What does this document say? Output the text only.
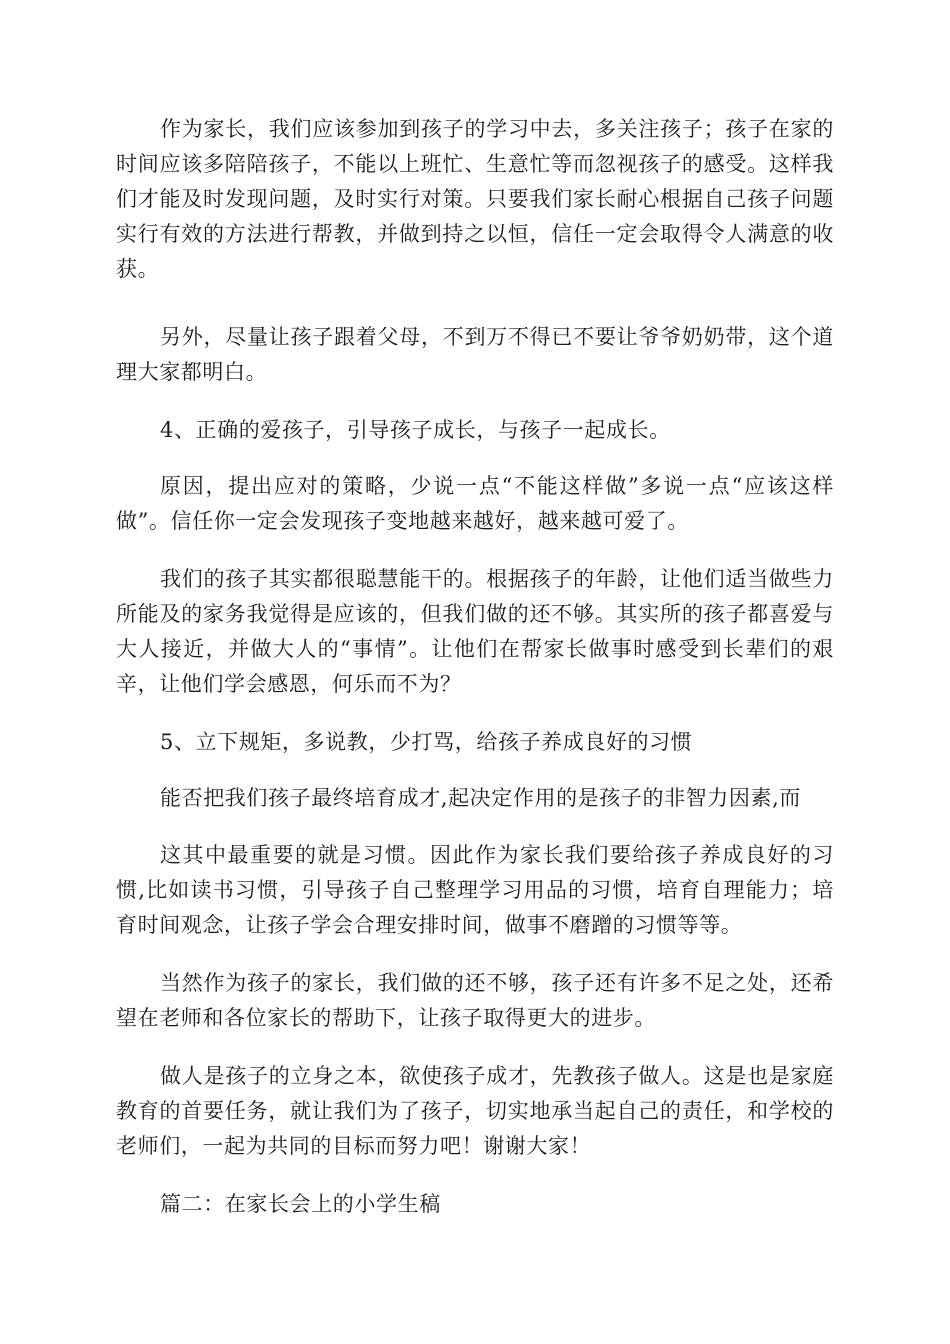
作为家长，我们应该参加到孩子的学习中去，多关注孩子；孩子在家的时间应该多陪陪孩子，不能以上班忙、生意忙等而忽视孩子的感受。这样我们才能及时发现问题，及时实行对策。只要我们家长耐心根据自己孩子问题实行有效的方法进行帮教，并做到持之以恒，信任一定会取得令人满意的收获。

另外，尽量让孩子跟着父母，不到万不得已不要让爷爷奶奶带，这个道理大家都明白。

4、正确的爱孩子，引导孩子成长，与孩子一起成长。

原因，提出应对的策略，少说一点“不能这样做”多说一点“应该这样做”。信任你一定会发现孩子变地越来越好，越来越可爱了。

我们的孩子其实都很聪慧能干的。根据孩子的年龄，让他们适当做些力所能及的家务我觉得是应该的，但我们做的还不够。其实所的孩子都喜爱与大人接近，并做大人的“事情”。让他们在帮家长做事时感受到长辈们的艰辛，让他们学会感恩，何乐而不为？

5、立下规矩，多说教，少打骂，给孩子养成良好的习惯

能否把我们孩子最终培育成才,起决定作用的是孩子的非智力因素,而

这其中最重要的就是习惯。因此作为家长我们要给孩子养成良好的习惯,比如读书习惯，引导孩子自己整理学习用品的习惯，培育自理能力；培育时间观念，让孩子学会合理安排时间，做事不磨蹭的习惯等等。

当然作为孩子的家长，我们做的还不够，孩子还有许多不足之处，还希望在老师和各位家长的帮助下，让孩子取得更大的进步。

做人是孩子的立身之本，欲使孩子成才，先教孩子做人。这是也是家庭教育的首要任务，就让我们为了孩子，切实地承当起自己的责任，和学校的老师们，一起为共同的目标而努力吧！谢谢大家！

篇二：在家长会上的小学生稿
